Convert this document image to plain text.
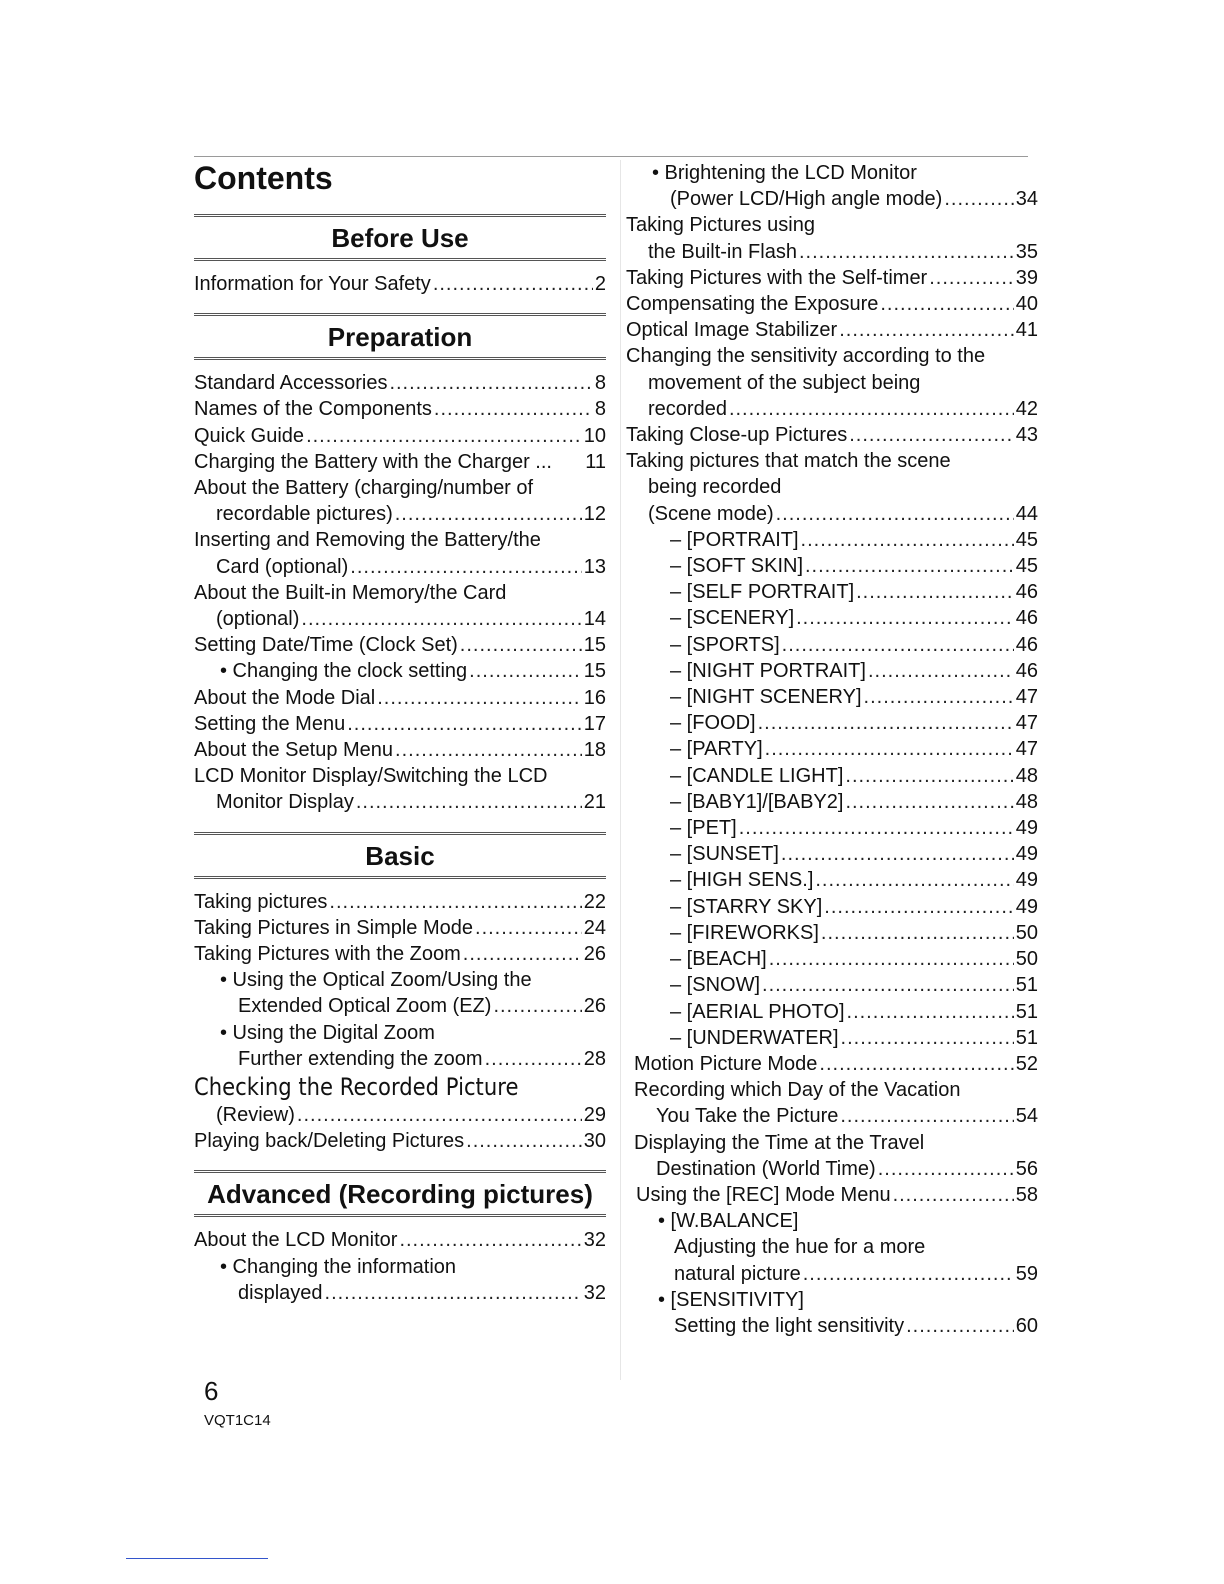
Contents
Before Use
Information for Your Safety .....	2
Preparation
Standard Accessories .....	8
Names of the Components .....	8
Quick Guide .....	10
Charging the Battery with the Charger ... 11
About the Battery (charging/number of
recordable pictures) .....	12
Inserting and Removing the Battery/the
Card (optional) .....	13
About the Built-in Memory/the Card
(optional) .....	14
Setting Date/Time (Clock Set) .....	15
• Changing the clock setting .....	15
About the Mode Dial .....	16
Setting the Menu .....	17
About the Setup Menu .....	18
LCD Monitor Display/Switching the LCD
Monitor Display .....	21
Basic
Taking pictures .....	22
Taking Pictures in Simple Mode .....	24
Taking Pictures with the Zoom .....	26
• Using the Optical Zoom/Using the
Extended Optical Zoom (EZ) .....	26
• Using the Digital Zoom
Further extending the zoom .....	28
Checking the Recorded Picture
(Review) .....	29
Playing back/Deleting Pictures .....	30
Advanced (Recording pictures)
About the LCD Monitor .....	32
• Changing the information
displayed .....	32
• Brightening the LCD Monitor
(Power LCD/High angle mode) .....	34
Taking Pictures using
the Built-in Flash .....	35
Taking Pictures with the Self-timer .....	39
Compensating the Exposure .....	40
Optical Image Stabilizer .....	41
Changing the sensitivity according to the
movement of the subject being
recorded .....	42
Taking Close-up Pictures .....	43
Taking pictures that match the scene
being recorded
(Scene mode) .....	44
– [PORTRAIT] .....	45
– [SOFT SKIN] .....	45
– [SELF PORTRAIT] .....	46
– [SCENERY] .....	46
– [SPORTS] .....	46
– [NIGHT PORTRAIT] .....	46
– [NIGHT SCENERY] .....	47
– [FOOD] .....	47
– [PARTY] .....	47
– [CANDLE LIGHT] .....	48
– [BABY1]/[BABY2] .....	48
– [PET] .....	49
– [SUNSET] .....	49
– [HIGH SENS.] .....	49
– [STARRY SKY] .....	49
– [FIREWORKS] .....	50
– [BEACH] .....	50
– [SNOW] .....	51
– [AERIAL PHOTO] .....	51
– [UNDERWATER] .....	51
Motion Picture Mode .....	52
Recording which Day of the Vacation
You Take the Picture .....	54
Displaying the Time at the Travel
Destination (World Time) .....	56
Using the [REC] Mode Menu .....	58
• [W.BALANCE]
Adjusting the hue for a more
natural picture .....	59
• [SENSITIVITY]
Setting the light sensitivity .....	60

6

VQT1C14
